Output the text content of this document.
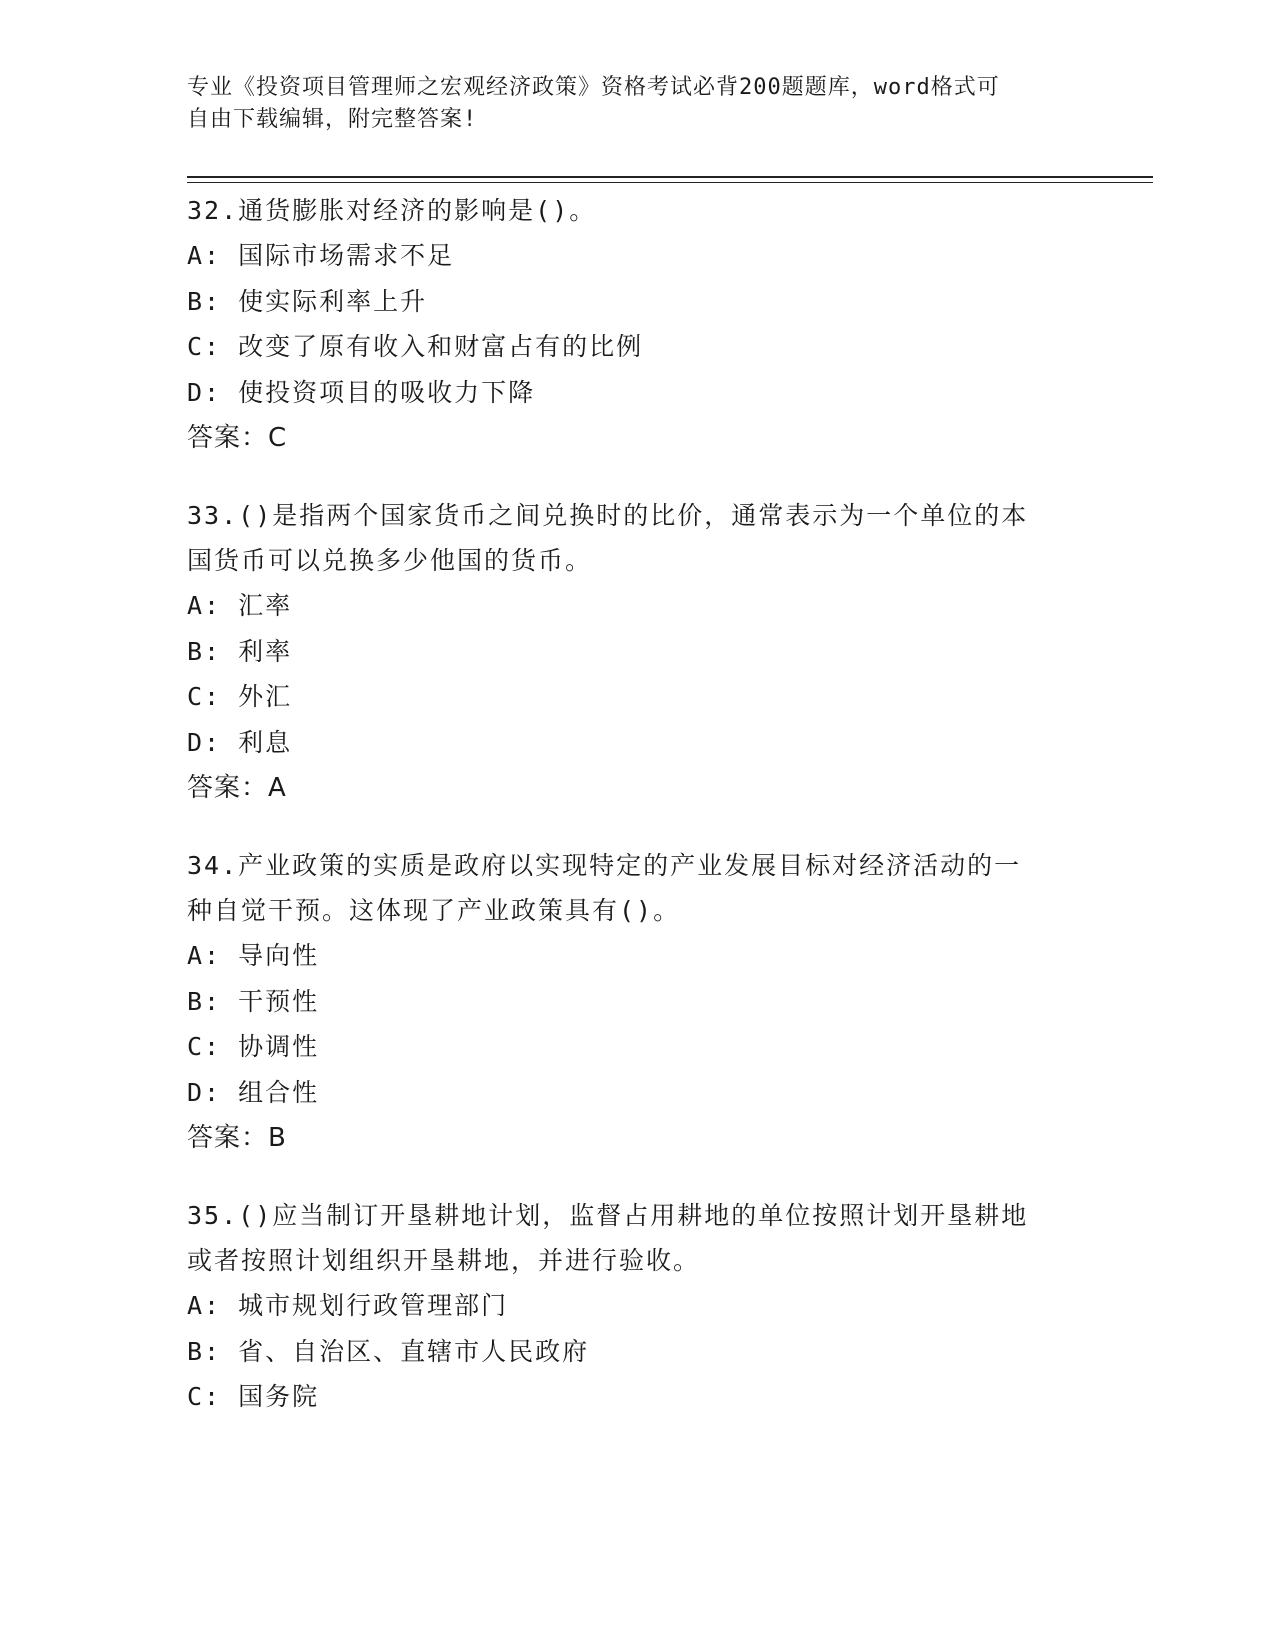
专业《投资项目管理师之宏观经济政策》资格考试必背200题题库，word格式可
自由下载编辑，附完整答案!

32.通货膨胀对经济的影响是()。

A: 国际市场需求不足

B: 使实际利率上升

C: 改变了原有收入和财富占有的比例

D: 使投资项目的吸收力下降

答案：C

33.()是指两个国家货币之间兑换时的比价，通常表示为一个单位的本

国货币可以兑换多少他国的货币。

A: 汇率

B: 利率

C: 外汇

D: 利息

答案：A

34.产业政策的实质是政府以实现特定的产业发展目标对经济活动的一

种自觉干预。这体现了产业政策具有()。

A: 导向性

B: 干预性

C: 协调性

D: 组合性

答案：B

35.()应当制订开垦耕地计划，监督占用耕地的单位按照计划开垦耕地

或者按照计划组织开垦耕地，并进行验收。

A: 城市规划行政管理部门

B: 省、自治区、直辖市人民政府

C: 国务院
